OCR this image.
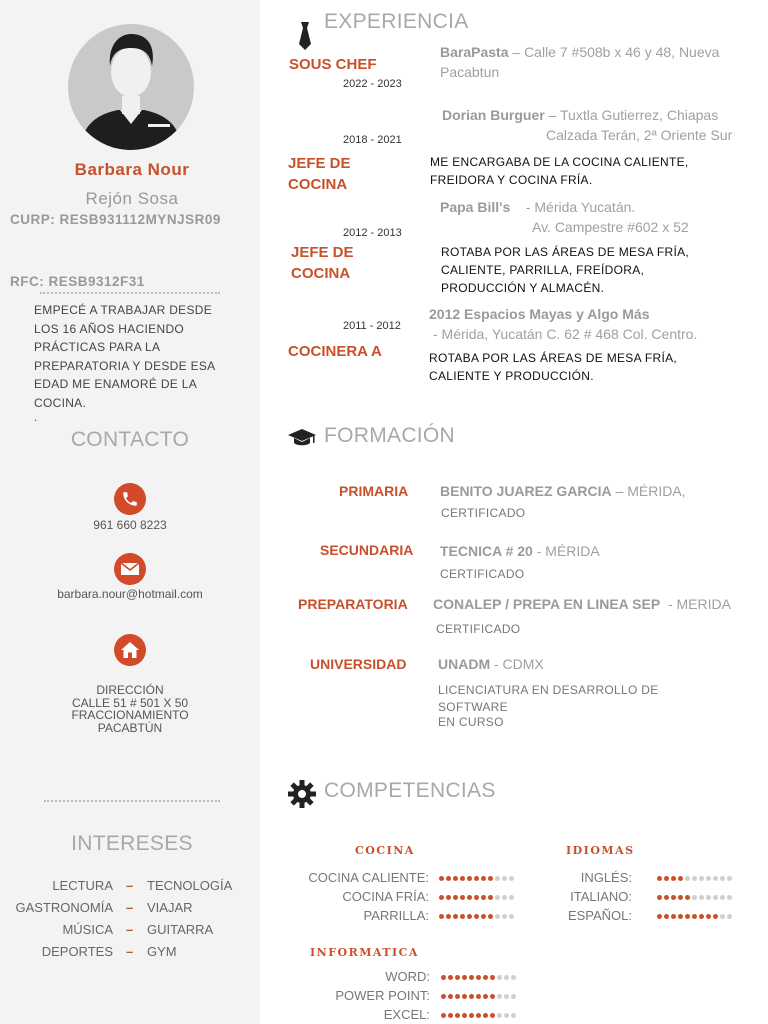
Barbara Nour
Rejón Sosa
CURP: RESB931112MYNJSR09
RFC: RESB9312F31
EMPECÉ A TRABAJAR DESDE LOS 16 AÑOS HACIENDO PRÁCTICAS PARA LA PREPARATORIA Y DESDE ESA EDAD ME ENAMORÉ DE LA COCINA.
.
CONTACTO
961 660 8223
barbara.nour@hotmail.com
DIRECCIÓN
CALLE 51 # 501 X 50
FRACCIONAMIENTO
PACABTÚN
INTERESES
LECTURA – TECNOLOGÍA
GASTRONOMÍA – VIAJAR
MÚSICA – GUITARRA
DEPORTES – GYM
EXPERIENCIA
SOUS CHEF
2022 - 2023
BaraPasta – Calle 7 #508b x 46 y 48, Nueva Pacabtun
Dorian Burguer – Tuxtla Gutierrez, Chiapas
Calzada Terán, 2ª Oriente Sur
2018 - 2021
JEFE DE COCINA
ME ENCARGABA DE LA COCINA CALIENTE, FREIDORA Y COCINA FRÍA.
Papa Bill's - Mérida Yucatán.
Av. Campestre #602 x 52
2012 - 2013
JEFE DE COCINA
ROTABA POR LAS ÁREAS DE MESA FRÍA, CALIENTE, PARRILLA, FREÍDORA, PRODUCCIÓN Y ALMACÉN.
2012 Espacios Mayas y Algo Más
2011 - 2012 - Mérida, Yucatán C. 62 # 468 Col. Centro.
COCINERA A	ROTABA POR LAS ÁREAS DE MESA FRÍA, CALIENTE Y PRODUCCIÓN.
FORMACIÓN
PRIMARIA BENITO JUAREZ GARCIA – MÉRIDA,
CERTIFICADO
SECUNDARIA TECNICA # 20 - MÉRIDA
CERTIFICADO
PREPARATORIA CONALEP / PREPA EN LINEA SEP - MERIDA
CERTIFICADO
UNIVERSIDAD UNADM - CDMX
LICENCIATURA EN DESARROLLO DE SOFTWARE
EN CURSO
COMPETENCIAS
COCINA	IDIOMAS
INFORMATICA
COCINA CALIENTE:
COCINA FRÍA:
PARRILLA:
INGLÉS:
ITALIANO:
ESPAÑOL:
WORD:
POWER POINT:
EXCEL:
